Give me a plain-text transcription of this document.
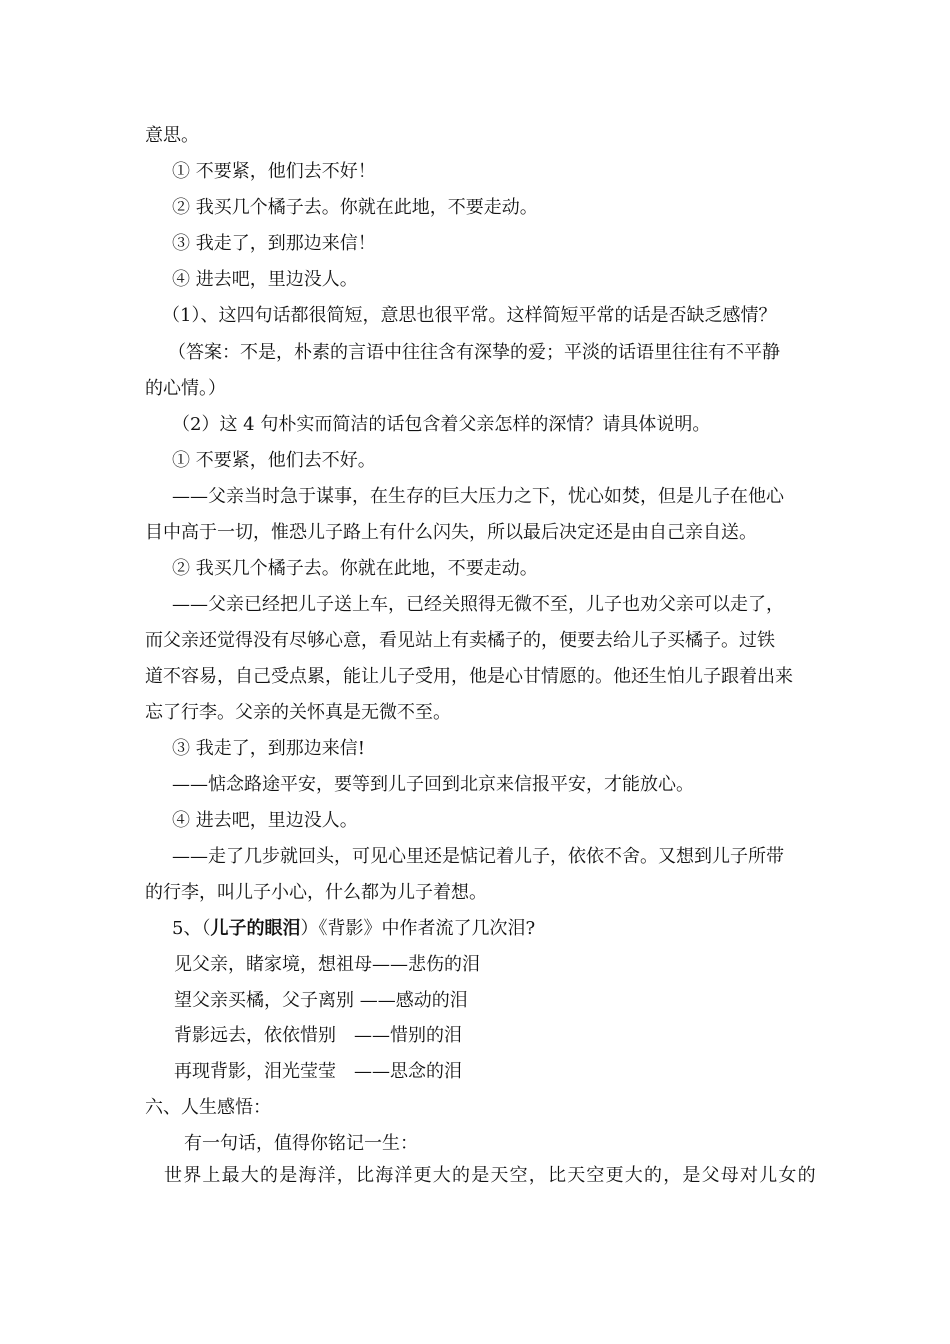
意思。
① 不要紧，他们去不好！
② 我买几个橘子去。你就在此地，不要走动。
③ 我走了，到那边来信！
④ 进去吧，里边没人。
（1）、这四句话都很简短，意思也很平常。这样简短平常的话是否缺乏感情？
（答案：不是，朴素的言语中往往含有深挚的爱；平淡的话语里往往有不平静
的心情。）
（2）这 4 句朴实而简洁的话包含着父亲怎样的深情？请具体说明。
① 不要紧，他们去不好。
——父亲当时急于谋事，在生存的巨大压力之下，忧心如焚，但是儿子在他心
目中高于一切，惟恐儿子路上有什么闪失，所以最后决定还是由自己亲自送。
② 我买几个橘子去。你就在此地，不要走动。
——父亲已经把儿子送上车，已经关照得无微不至，儿子也劝父亲可以走了，
而父亲还觉得没有尽够心意，看见站上有卖橘子的，便要去给儿子买橘子。过铁
道不容易，自己受点累，能让儿子受用，他是心甘情愿的。他还生怕儿子跟着出来
忘了行李。父亲的关怀真是无微不至。
③ 我走了，到那边来信!
——惦念路途平安，要等到儿子回到北京来信报平安，才能放心。
④ 进去吧，里边没人。
——走了几步就回头，可见心里还是惦记着儿子，依依不舍。又想到儿子所带
的行李，叫儿子小心，什么都为儿子着想。
5、（儿子的眼泪）《背影》中作者流了几次泪?
见父亲，睹家境，想祖母——悲伤的泪
望父亲买橘，父子离别 ——感动的泪
背影远去，依依惜别　——惜别的泪
再现背影，泪光莹莹　——思念的泪
六、人生感悟：
有一句话，值得你铭记一生：
世界上最大的是海洋，比海洋更大的是天空，比天空更大的，是父母对儿女的
